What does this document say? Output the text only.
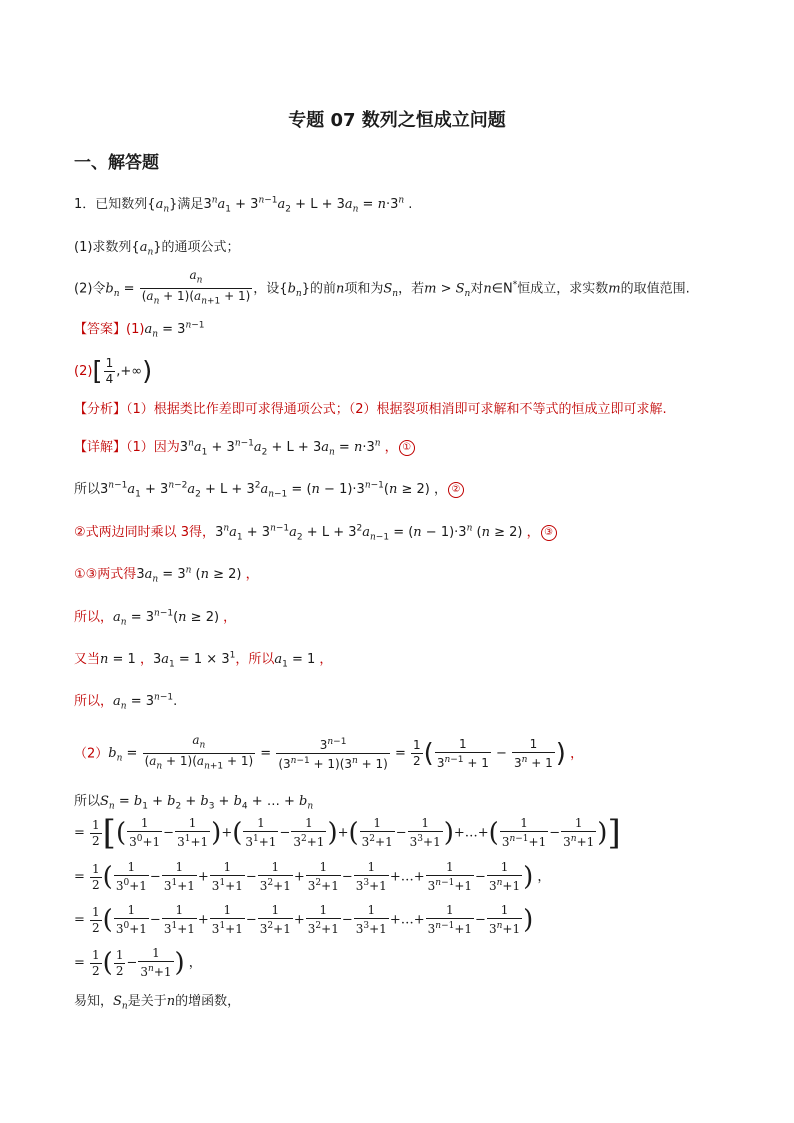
专题 07 数列之恒成立问题
一、解答题
1．已知数列$\{a_n\}$满足$3^na_1 + 3^{n-1}a_2 + L + 3a_n = n\cdot 3^n$ .
(1)求数列$\{a_n\}$的通项公式；
(2)令$b_n = \frac{a_n}{(a_n + 1)(a_{n+1} + 1)}$ ，设$\{b_n\}$的前n项和为$S_n$，若$m > S_n$对n∈N*恒成立，求实数m的取值范围.
【答案】$(1)a_n = 3^{n-1}$
$(2)[ \frac{1}{4}$ ,+∞)
【分析】（1）根据类比作差即可求得通项公式；（2）根据裂项相消即可求解和不等式的恒成立即可求解.
【详解】（1）因为$3^na_1 + 3^{n-1}a_2 + L + 3a_n = n\cdot 3^n$ ， ①
所以$3^{n-1}a_1 + 3^{n-2}a_2 + L + 3^2a_{n-1} = (n - 1)\cdot 3^{n-1}(n \ge 2)$ ， ②
②式两边同时乘以 3得，$3^na_1 + 3^{n-1}a_2 + L + 3^2a_{n-1} = (n - 1)\cdot 3^n$ (n ≥ 2) ， ③
①③两式得$3a_n = 3^n$ (n ≥ 2) ，
所以，$a_n = 3^{n-1}(n \ge 2)$ ，
又当n = 1 ，$3a_1 = 1 \times 3^1$，所以$a_1 = 1$ ，
所以，$a_n = 3^{n-1}$.
$(2)b_n = \frac{a_n}{(a_n + 1)(a_{n+1} + 1)} = \frac{3^{n-1}}{(3^{n-1} + 1)(3^n + 1)} = \frac{1}{2}$ ( $\frac{1}{3^{n-1} + 1} - \frac{1}{3^n + 1}$ ) ，
所以$S_n = b_1 + b_2 + b_3 + b_4$ + … + $b_n$
= $\frac{1}{2}$ [( $\frac{1}{3^0+1} - \frac{1}{3^1+1}$ )+( $\frac{1}{3^1+1} - \frac{1}{3^2+1}$ )+( $\frac{1}{3^2+1} - \frac{1}{3^3+1}$ )+…+( $\frac{1}{3^{n-1}+1} - \frac{1}{3^n+1}$ )]
= $\frac{1}{2}$ ( $\frac{1}{3^0+1} - \frac{1}{3^1+1} + \frac{1}{3^1+1} - \frac{1}{3^2+1} + \frac{1}{3^2+1} - \frac{1}{3^3+1}$ +…+ $\frac{1}{3^{n-1}+1} - \frac{1}{3^n+1}$ ) ，
= $\frac{1}{2}$ ( $\frac{1}{3^0+1} - \frac{1}{3^1+1} + \frac{1}{3^1+1} - \frac{1}{3^2+1} + \frac{1}{3^2+1} - \frac{1}{3^3+1}$ +…+ $\frac{1}{3^{n-1}+1} - \frac{1}{3^n+1}$ )
= $\frac{1}{2}$ ( $\frac{1}{2} - \frac{1}{3^n+1}$ ) ，
易知，$S_n$是关于n的增函数，
